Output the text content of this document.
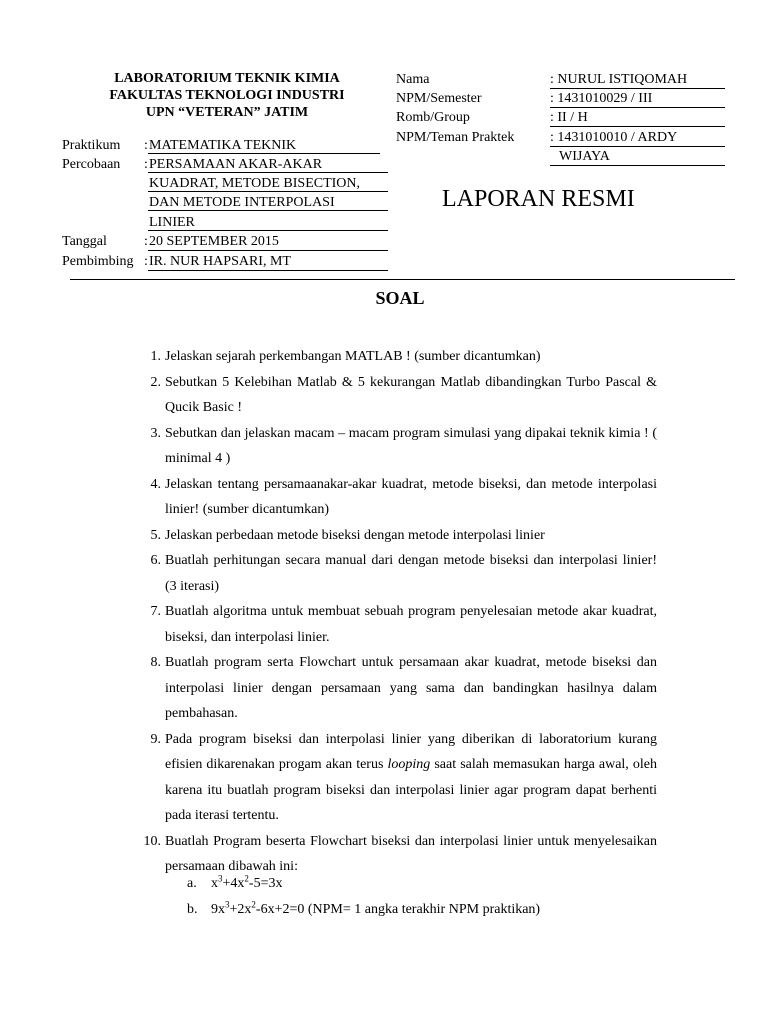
LABORATORIUM TEKNIK KIMIA
FAKULTAS TEKNOLOGI INDUSTRI
UPN “VETERAN” JATIM
Nama	: NURUL ISTIQOMAH
NPM/Semester	: 1431010029 / III
Romb/Group	: II / H
NPM/Teman Praktek	: 1431010010 / ARDY
WIJAYA
Praktikum : MATEMATIKA TEKNIK
Percobaan : PERSAMAAN AKAR-AKAR
KUADRAT, METODE BISECTION,
DAN METODE INTERPOLASI
LINIER
Tanggal	: 20 SEPTEMBER 2015
Pembimbing : IR. NUR HAPSARI, MT
LAPORAN RESMI
SOAL
1. Jelaskan sejarah perkembangan MATLAB ! (sumber dicantumkan)
2. Sebutkan 5 Kelebihan Matlab & 5 kekurangan Matlab dibandingkan Turbo Pascal & Qucik Basic !
3. Sebutkan dan jelaskan macam – macam program simulasi yang dipakai teknik kimia ! ( minimal 4 )
4. Jelaskan tentang persamaanakar-akar kuadrat, metode biseksi, dan metode interpolasi linier! (sumber dicantumkan)
5. Jelaskan perbedaan metode biseksi dengan metode interpolasi linier
6. Buatlah perhitungan secara manual dari dengan metode biseksi dan interpolasi linier! (3 iterasi)
7. Buatlah algoritma untuk membuat sebuah program penyelesaian metode akar kuadrat, biseksi, dan interpolasi linier.
8. Buatlah program serta Flowchart untuk persamaan akar kuadrat, metode biseksi dan interpolasi linier dengan persamaan yang sama dan bandingkan hasilnya dalam pembahasan.
9. Pada program biseksi dan interpolasi linier yang diberikan di laboratorium kurang efisien dikarenakan progam akan terus looping saat salah memasukan harga awal, oleh karena itu buatlah program biseksi dan interpolasi linier agar program dapat berhenti pada iterasi tertentu.
10. Buatlah Program beserta Flowchart biseksi dan interpolasi linier untuk menyelesaikan persamaan dibawah ini:
a. $x^3+4x^2-5=3x$
b. $9x^3+2x^2-6x+2=0$ (NPM= 1 angka terakhir NPM praktikan)
